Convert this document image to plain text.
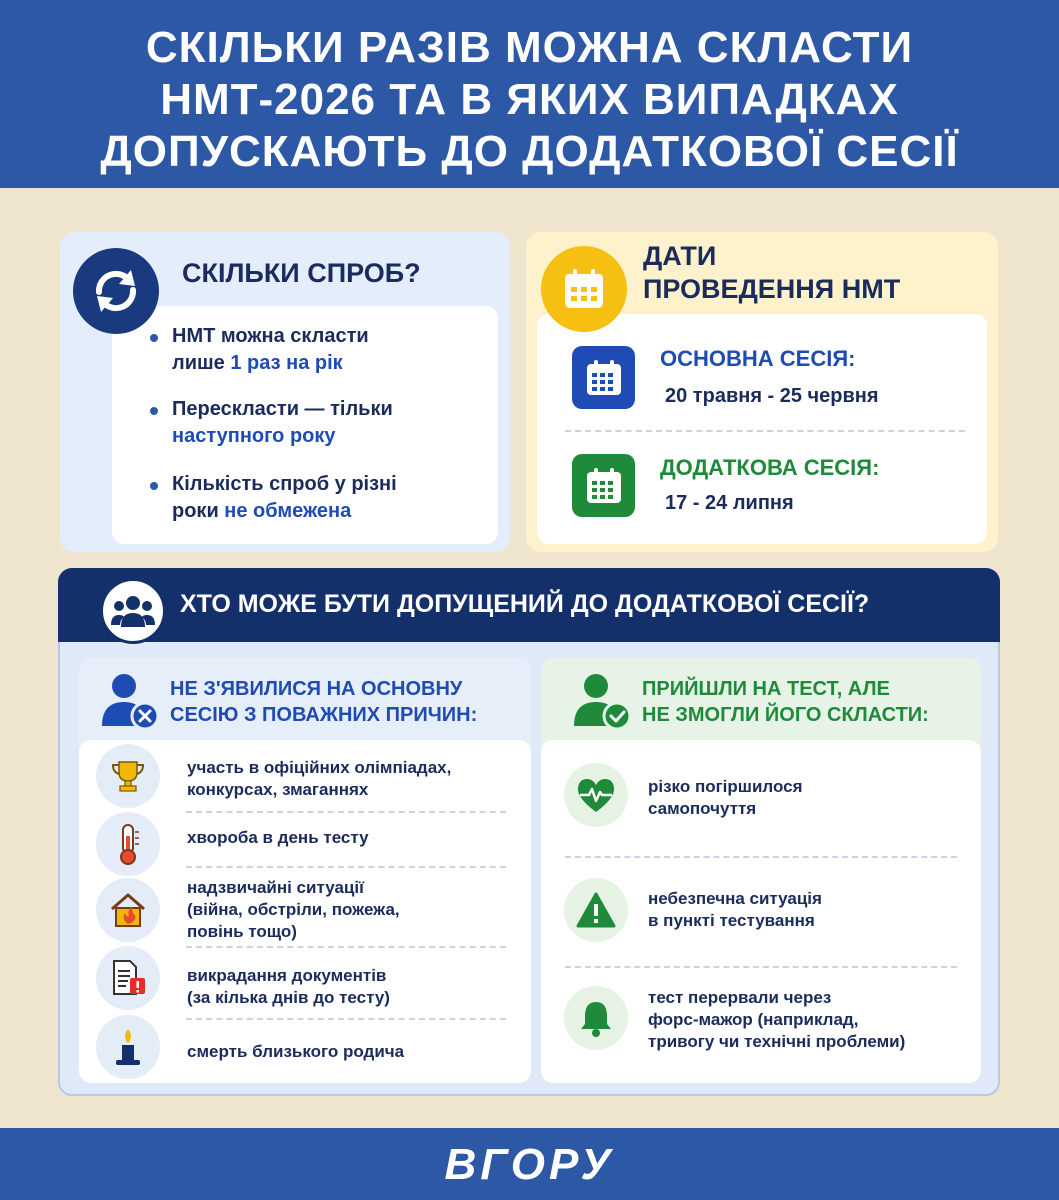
СКІЛЬКИ РАЗІВ МОЖНА СКЛАСТИ
НМТ-2026 ТА В ЯКИХ ВИПАДКАХ
ДОПУСКАЮТЬ ДО ДОДАТКОВОЇ СЕСІЇ
СКІЛЬКИ СПРОБ?
НМТ можна скласти
лише 1 раз на рік
Перескласти — тільки
наступного року
Кількість спроб у різні
роки не обмежена
ДАТИ
ПРОВЕДЕННЯ НМТ
ОСНОВНА СЕСІЯ:
20 травня - 25 червня
ДОДАТКОВА СЕСІЯ:
17 - 24 липня
ХТО МОЖЕ БУТИ ДОПУЩЕНИЙ ДО ДОДАТКОВОЇ СЕСІЇ?
НЕ З'ЯВИЛИСЯ НА ОСНОВНУ
СЕСІЮ З ПОВАЖНИХ ПРИЧИН:
ПРИЙШЛИ НА ТЕСТ, АЛЕ
НЕ ЗМОГЛИ ЙОГО СКЛАСТИ:
участь в офіційних олімпіадах,
конкурсах, змаганнях
хвороба в день тесту
надзвичайні ситуації
(війна, обстріли, пожежа,
повінь тощо)
викрадання документів
(за кілька днів до тесту)
смерть близького родича
різко погіршилося
самопочуття
небезпечна ситуація
в пункті тестування
тест перервали через
форс-мажор (наприклад,
тривогу чи технічні проблеми)
ВГОРУ
